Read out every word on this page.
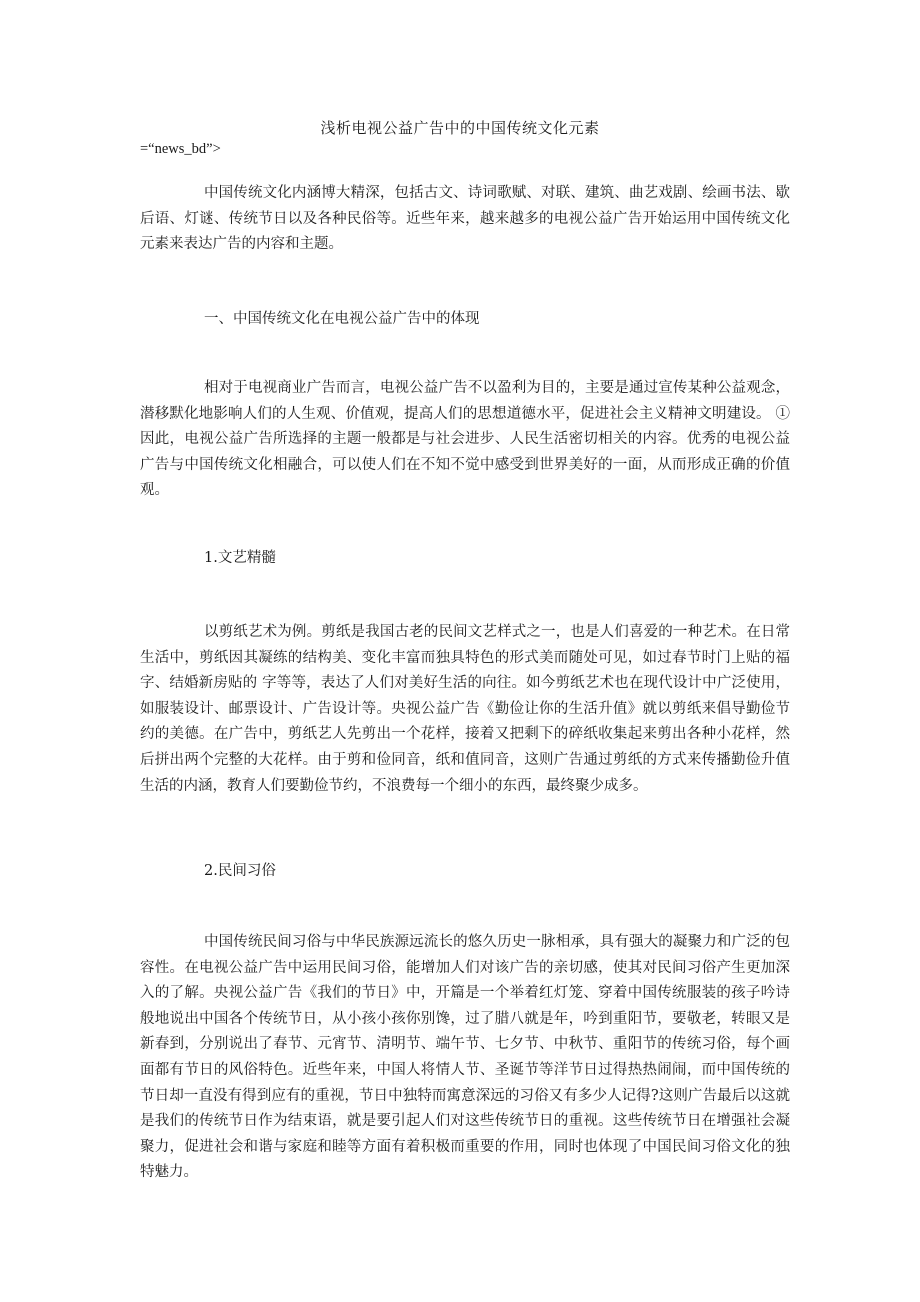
浅析电视公益广告中的中国传统文化元素
=“news_bd”>

中国传统文化内涵博大精深，包括古文、诗词歌赋、对联、建筑、曲艺戏剧、绘画书法、歇后语、灯谜、传统节日以及各种民俗等。近些年来，越来越多的电视公益广告开始运用中国传统文化元素来表达广告的内容和主题。

一、中国传统文化在电视公益广告中的体现

相对于电视商业广告而言，电视公益广告不以盈利为目的，主要是通过宣传某种公益观念，潜移默化地影响人们的人生观、价值观，提高人们的思想道德水平，促进社会主义精神文明建设。 ① 因此，电视公益广告所选择的主题一般都是与社会进步、人民生活密切相关的内容。优秀的电视公益广告与中国传统文化相融合，可以使人们在不知不觉中感受到世界美好的一面，从而形成正确的价值观。

1.文艺精髓

以剪纸艺术为例。剪纸是我国古老的民间文艺样式之一，也是人们喜爱的一种艺术。在日常生活中，剪纸因其凝练的结构美、变化丰富而独具特色的形式美而随处可见，如过春节时门上贴的福字、结婚新房贴的 字等等，表达了人们对美好生活的向往。如今剪纸艺术也在现代设计中广泛使用，如服装设计、邮票设计、广告设计等。央视公益广告《勤俭让你的生活升值》就以剪纸来倡导勤俭节约的美德。在广告中，剪纸艺人先剪出一个花样，接着又把剩下的碎纸收集起来剪出各种小花样，然后拼出两个完整的大花样。由于剪和俭同音，纸和值同音，这则广告通过剪纸的方式来传播勤俭升值生活的内涵，教育人们要勤俭节约，不浪费每一个细小的东西，最终聚少成多。

2.民间习俗

中国传统民间习俗与中华民族源远流长的悠久历史一脉相承，具有强大的凝聚力和广泛的包容性。在电视公益广告中运用民间习俗，能增加人们对该广告的亲切感，使其对民间习俗产生更加深入的了解。央视公益广告《我们的节日》中，开篇是一个举着红灯笼、穿着中国传统服装的孩子吟诗般地说出中国各个传统节日，从小孩小孩你别馋，过了腊八就是年，吟到重阳节，要敬老，转眼又是新春到，分别说出了春节、元宵节、清明节、端午节、七夕节、中秋节、重阳节的传统习俗，每个画面都有节日的风俗特色。近些年来，中国人将情人节、圣诞节等洋节日过得热热闹闹，而中国传统的节日却一直没有得到应有的重视，节日中独特而寓意深远的习俗又有多少人记得?这则广告最后以这就是我们的传统节日作为结束语，就是要引起人们对这些传统节日的重视。这些传统节日在增强社会凝聚力，促进社会和谐与家庭和睦等方面有着积极而重要的作用，同时也体现了中国民间习俗文化的独特魅力。
